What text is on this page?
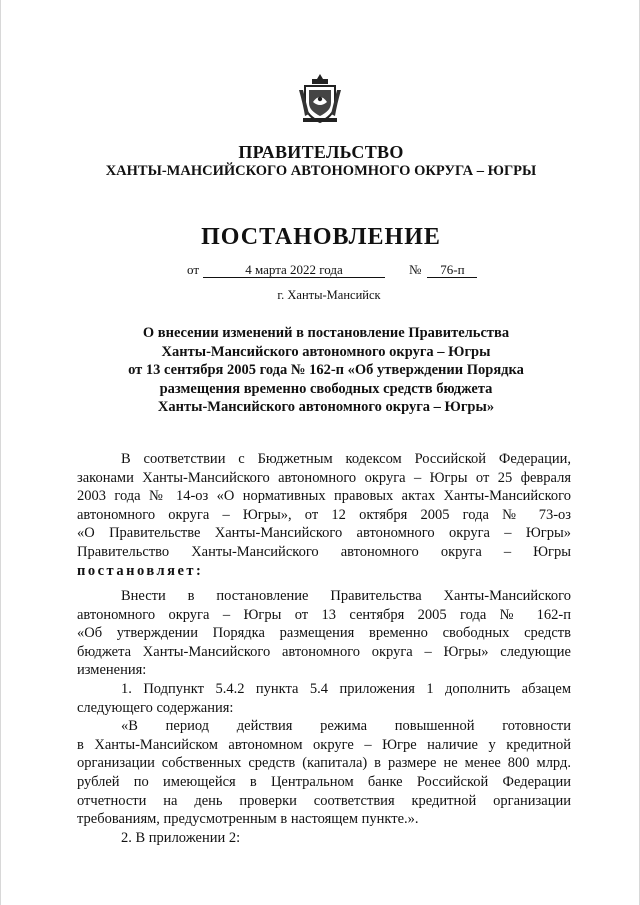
ПРАВИТЕЛЬСТВО
ХАНТЫ-МАНСИЙСКОГО АВТОНОМНОГО ОКРУГА – ЮГРЫ
ПОСТАНОВЛЕНИЕ
от	4 марта 2022 года	№ 76-п
г. Ханты-Мансийск
О внесении изменений в постановление Правительства
Ханты-Мансийского автономного округа – Югры
от 13 сентября 2005 года № 162-п «Об утверждении Порядка
размещения временно свободных средств бюджета
Ханты-Мансийского автономного округа – Югры»
В соответствии с Бюджетным кодексом Российской Федерации,
законами Ханты-Мансийского автономного округа – Югры от 25 февраля
2003 года № 14-оз «О нормативных правовых актах Ханты-Мансийского
автономного округа – Югры», от 12 октября 2005 года № 73-оз
«О Правительстве Ханты-Мансийского автономного округа – Югры»
Правительство Ханты-Мансийского автономного округа – Югры
постановляет:
Внести в постановление Правительства Ханты-Мансийского
автономного округа – Югры от 13 сентября 2005 года № 162-п
«Об утверждении Порядка размещения временно свободных средств
бюджета Ханты-Мансийского автономного округа – Югры» следующие
изменения:
1. Подпункт 5.4.2 пункта 5.4 приложения 1 дополнить абзацем
следующего содержания:
«В период действия режима повышенной готовности
в Ханты-Мансийском автономном округе – Югре наличие у кредитной
организации собственных средств (капитала) в размере не менее 800 млрд.
рублей по имеющейся в Центральном банке Российской Федерации
отчетности на день проверки соответствия кредитной организации
требованиям, предусмотренным в настоящем пункте.».
2. В приложении 2:
